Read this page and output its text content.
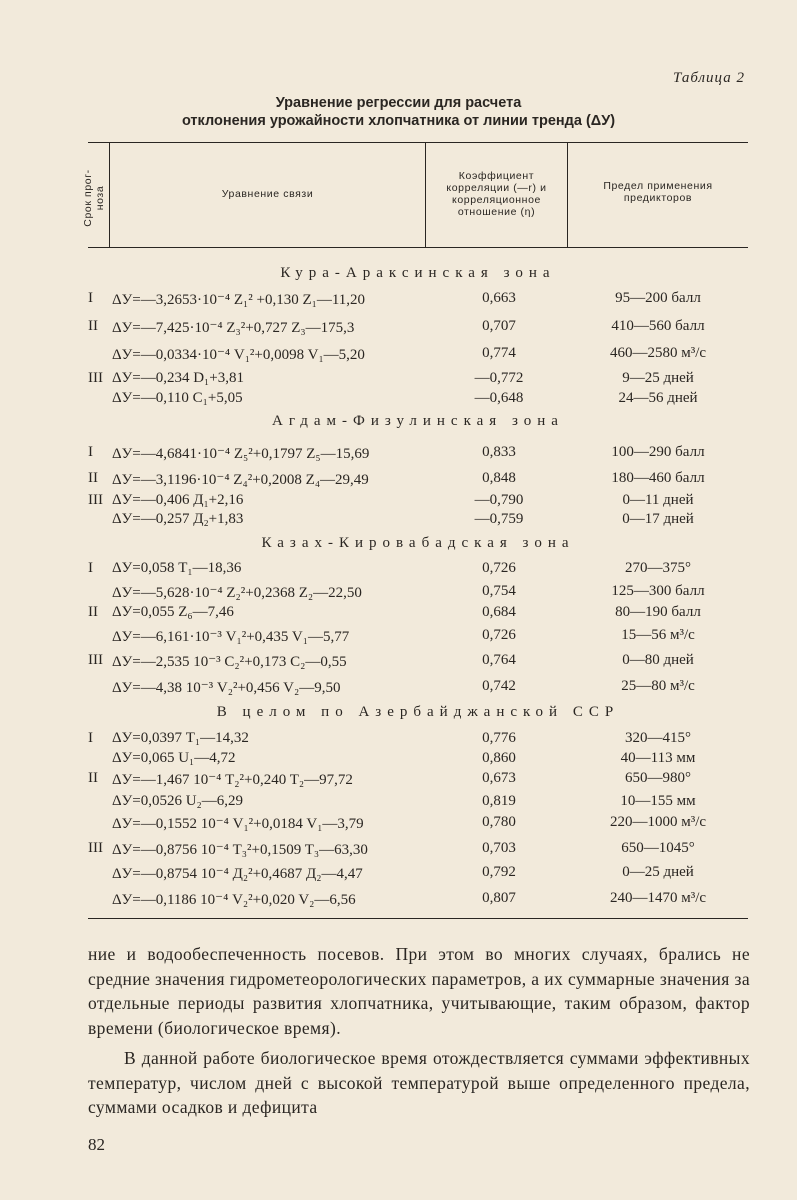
Таблица 2
Уравнение регрессии для расчета
отклонения урожайности хлопчатника от линии тренда (ΔУ)
Срок прог-
ноза	Уравнение связи
Коэффициент
корреляции (—r) и
корреляционное
отношение (η)
Предел применения
предикторов
Кура-Араксинская зона
I	ΔУ=—3,2653·10⁻⁴ Z₁² +0,130 Z₁—11,20	0,663	95—200 балл
II ΔУ=—7,425·10⁻⁴ Z₃²+0,727 Z₃—175,3	0,707	410—560 балл
ΔУ=—0,0334·10⁻⁴ V₁²+0,0098 V₁—5,20	0,774	460—2580 м³/с
III ΔУ=—0,234 D₁+3,81	—0,772	9—25 дней
ΔУ=—0,110 C₁+5,05	—0,648	24—56 дней
Агдам-Физулинская зона
I	ΔУ=—4,6841·10⁻⁴ Z₅²+0,1797 Z₅—15,69	0,833	100—290 балл
II ΔУ=—3,1196·10⁻⁴ Z₄²+0,2008 Z₄—29,49	0,848	180—460 балл
III ΔУ=—0,406 Д₁+2,16	—0,790	0—11 дней
ΔУ=—0,257 Д₂+1,83	—0,759	0—17 дней
Казах-Кировабадская зона
I	ΔУ=0,058 T₁—18,36	0,726	270—375°
ΔУ=—5,628·10⁻⁴ Z₂²+0,2368 Z₂—22,50	0,754	125—300 балл
II ΔУ=0,055 Z₆—7,46	0,684	80—190 балл
ΔУ=—6,161·10⁻³ V₁²+0,435 V₁—5,77	0,726	15—56 м³/с
III ΔУ=—2,535 10⁻³ C₂²+0,173 C₂—0,55	0,764	0—80 дней
ΔУ=—4,38 10⁻³ V₂²+0,456 V₂—9,50	0,742	25—80 м³/с
В целом по Азербайджанской ССР
I	ΔУ=0,0397 T₁—14,32	0,776	320—415°
ΔУ=0,065 U₁—4,72	0,860	40—113 мм
II ΔУ=—1,467 10⁻⁴ T₂²+0,240 T₂—97,72	0,673	650—980°
ΔУ=0,0526 U₂—6,29	0,819	10—155 мм
ΔУ=—0,1552 10⁻⁴ V₁²+0,0184 V₁—3,79	0,780	220—1000 м³/с
III ΔУ=—0,8756 10⁻⁴ T₃²+0,1509 T₃—63,30	0,703	650—1045°
ΔУ=—0,8754 10⁻⁴ Д₂²+0,4687 Д₂—4,47	0,792	0—25 дней
ΔУ=—0,1186 10⁻⁴ V₂²+0,020 V₂—6,56	0,807	240—1470 м³/с

ние и водообеспеченность посевов. При этом во многих случаях, брались не средние значения гидрометеорологических параметров, а их суммарные значения за отдельные периоды развития хлопчатника, учитывающие, таким образом, фактор времени (биологическое время).

В данной работе биологическое время отождествляется суммами эффективных температур, числом дней с высокой температурой выше определенного предела, суммами осадков и дефицита

82
